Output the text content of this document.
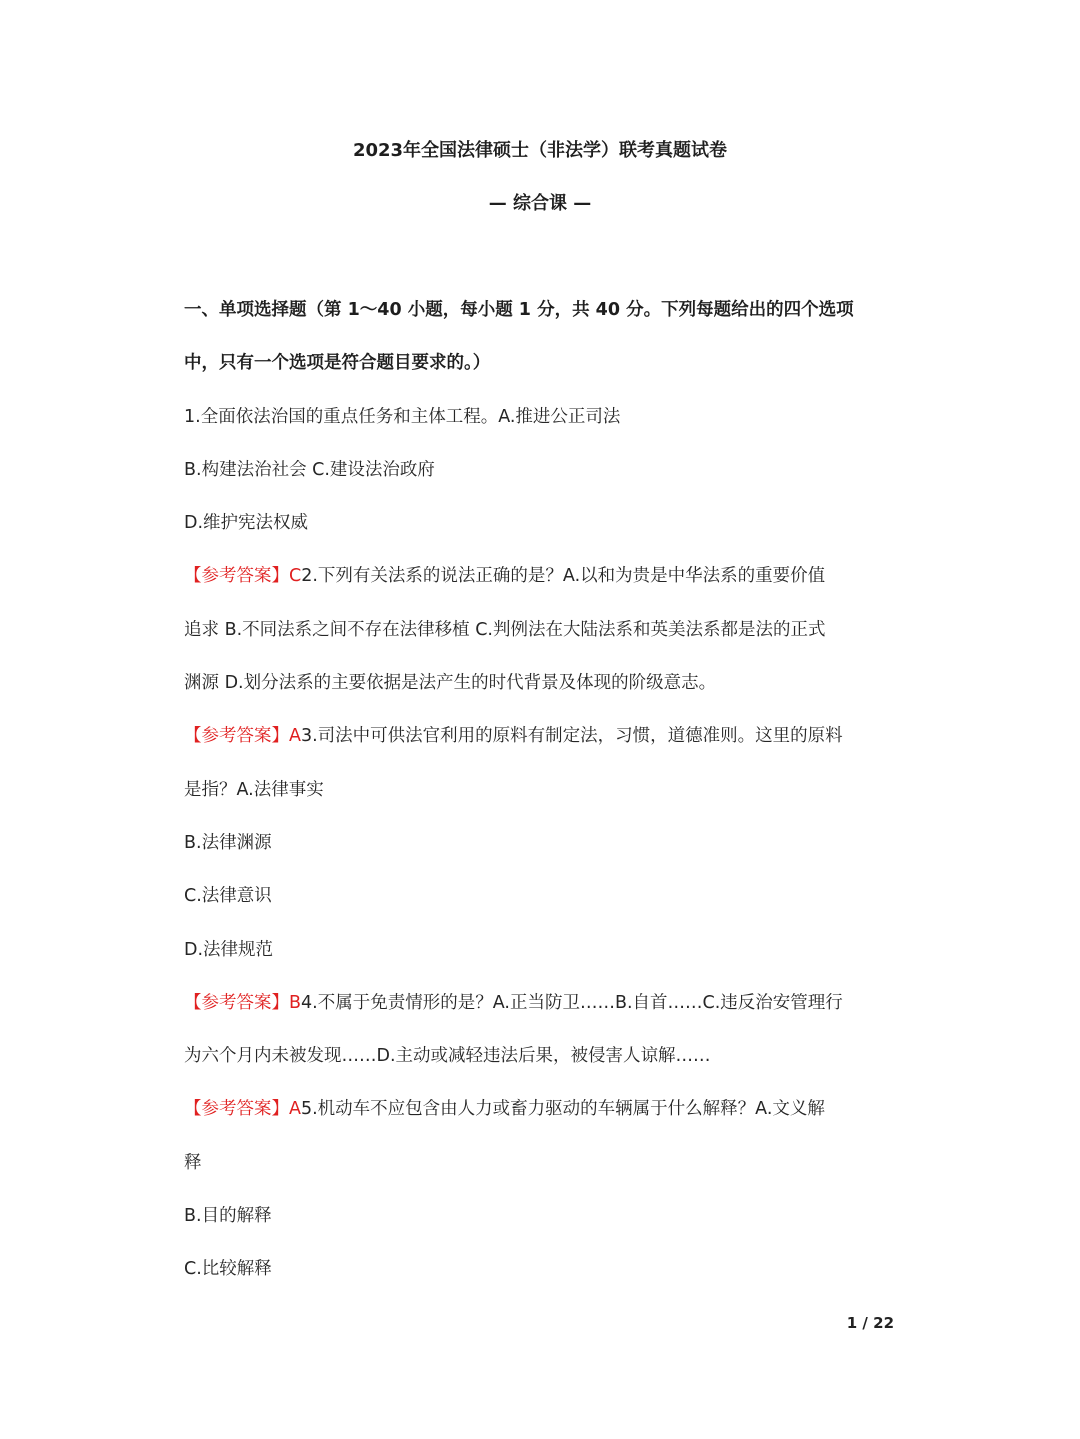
2023年全国法律硕士（非法学）联考真题试卷
— 综合课 —
一、单项选择题（第 1～40 小题，每小题 1 分，共 40 分。下列每题给出的四个选项
中，只有一个选项是符合题目要求的。）
1.全面依法治国的重点任务和主体工程。A.推进公正司法
B.构建法治社会 C.建设法治政府
D.维护宪法权威
【参考答案】C2.下列有关法系的说法正确的是？A.以和为贵是中华法系的重要价值
追求 B.不同法系之间不存在法律移植 C.判例法在大陆法系和英美法系都是法的正式
渊源 D.划分法系的主要依据是法产生的时代背景及体现的阶级意志。
【参考答案】A3.司法中可供法官利用的原料有制定法，习惯，道德准则。这里的原料
是指？A.法律事实
B.法律渊源
C.法律意识
D.法律规范
【参考答案】B4.不属于免责情形的是？A.正当防卫……B.自首……C.违反治安管理行
为六个月内未被发现……D.主动或减轻违法后果，被侵害人谅解……
【参考答案】A5.机动车不应包含由人力或畜力驱动的车辆属于什么解释？A.文义解
释
B.目的解释
C.比较解释
1 / 22
